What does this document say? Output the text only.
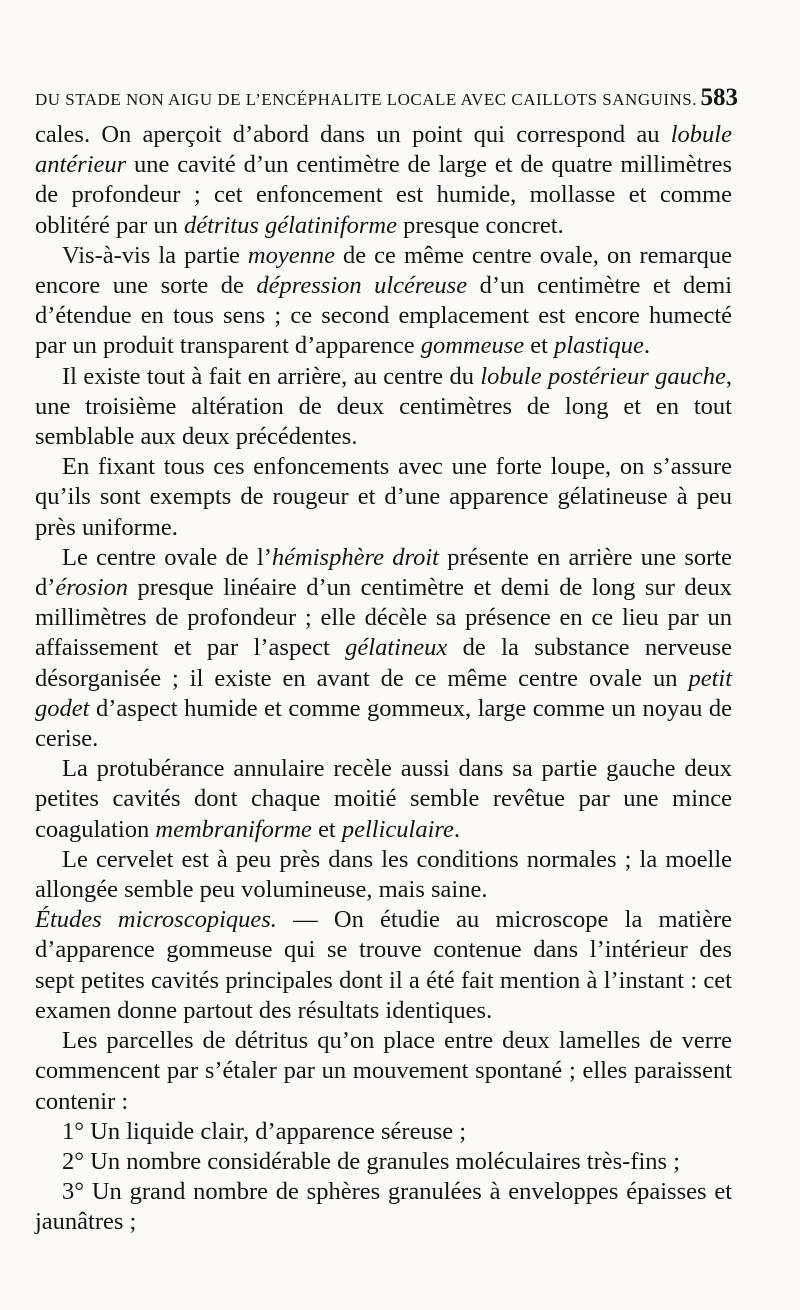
DU STADE NON AIGU DE L’ENCÉPHALITE LOCALE AVEC CAILLOTS SANGUINS. 583

cales. On aperçoit d’abord dans un point qui correspond au lobule antérieur une cavité d’un centimètre de large et de quatre millimètres de profondeur ; cet enfoncement est humide, mollasse et comme oblitéré par un détritus gélatiniforme presque concret.

Vis-à-vis la partie moyenne de ce même centre ovale, on remarque encore une sorte de dépression ulcéreuse d’un centimètre et demi d’étendue en tous sens ; ce second emplacement est encore humecté par un produit transparent d’apparence gommeuse et plastique.

Il existe tout à fait en arrière, au centre du lobule postérieur gauche, une troisième altération de deux centimètres de long et en tout semblable aux deux précédentes.

En fixant tous ces enfoncements avec une forte loupe, on s’assure qu’ils sont exempts de rougeur et d’une apparence gélatineuse à peu près uniforme.

Le centre ovale de l’hémisphère droit présente en arrière une sorte d’érosion presque linéaire d’un centimètre et demi de long sur deux millimètres de profondeur ; elle décèle sa présence en ce lieu par un affaissement et par l’aspect gélatineux de la substance nerveuse désorganisée ; il existe en avant de ce même centre ovale un petit godet d’aspect humide et comme gommeux, large comme un noyau de cerise.

La protubérance annulaire recèle aussi dans sa partie gauche deux petites cavités dont chaque moitié semble revêtue par une mince coagulation membraniforme et pelliculaire.

Le cervelet est à peu près dans les conditions normales ; la moelle allongée semble peu volumineuse, mais saine.

Études microscopiques. — On étudie au microscope la matière d’apparence gommeuse qui se trouve contenue dans l’intérieur des sept petites cavités principales dont il a été fait mention à l’instant : cet examen donne partout des résultats identiques.

Les parcelles de détritus qu’on place entre deux lamelles de verre commencent par s’étaler par un mouvement spontané ; elles paraissent contenir :

1° Un liquide clair, d’apparence séreuse ;

2° Un nombre considérable de granules moléculaires très-fins ;

3° Un grand nombre de sphères granulées à enveloppes épaisses et jaunâtres ;
